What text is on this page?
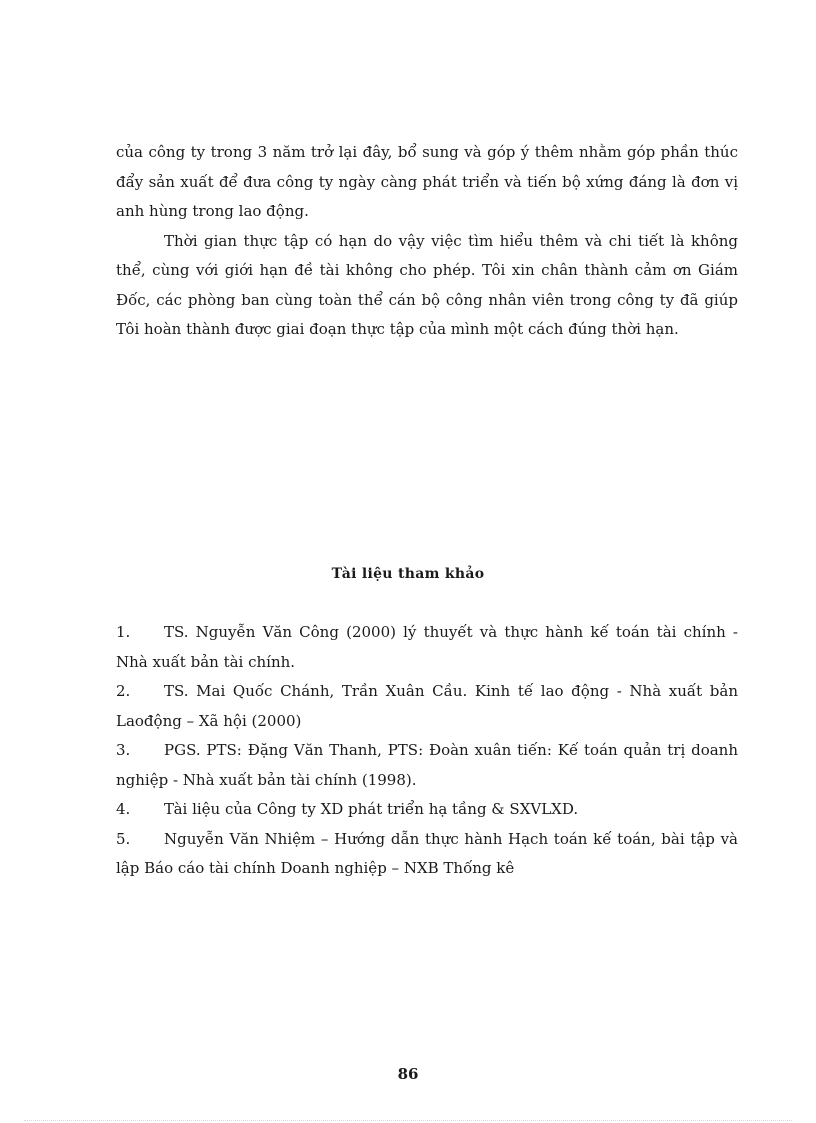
của công ty trong 3 năm trở lại đây, bổ sung và góp ý thêm nhằm góp phần thúc đẩy sản xuất để đưa công ty ngày càng phát triển và tiến bộ xứng đáng là đơn vị anh hùng trong lao động.

Thời gian thực tập có hạn do vậy việc tìm hiểu thêm và chi tiết là không thể, cùng với giới hạn đề tài không cho phép. Tôi xin chân thành cảm ơn Giám Đốc, các phòng ban cùng toàn thể cán bộ công nhân viên trong công ty đã giúp Tôi hoàn thành được giai đoạn thực tập của mình một cách đúng thời hạn.

Tài liệu tham khảo

1. TS. Nguyễn Văn Công (2000) lý thuyết và thực hành kế toán tài chính - Nhà xuất bản tài chính.

2. TS. Mai Quốc Chánh, Trần Xuân Cầu. Kinh tế lao động - Nhà xuất bản Laođộng – Xã hội (2000)

3. PGS. PTS: Đặng Văn Thanh, PTS: Đoàn xuân tiến: Kế toán quản trị doanh nghiệp - Nhà xuất bản tài chính (1998).

4. Tài liệu của Công ty XD phát triển hạ tầng & SXVLXD.

5. Nguyễn Văn Nhiệm – Hướng dẫn thực hành Hạch toán kế toán, bài tập và lập Báo cáo tài chính Doanh nghiệp – NXB Thống kê

86
